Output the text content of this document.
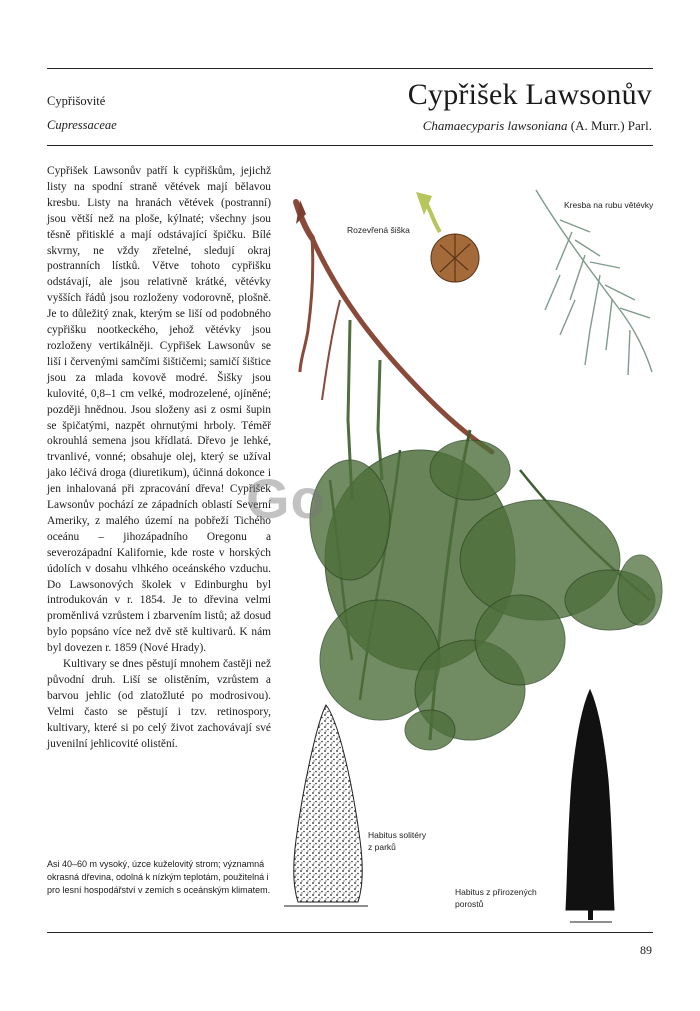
Cypřišovité
Cupressaceae
Cypřišek Lawsonův
Chamaecyparis lawsoniana (A. Murr.) Parl.

Cypřišek Lawsonův patří k cypřiškům, jejichž listy na spodní straně větévek mají bělavou kresbu. Listy na hranách větévek (postranní) jsou větší než na ploše, kýlnaté; všechny jsou těsně přitisklé a mají odstávající špičku. Bílé skvrny, ne vždy zřetelné, sledují okraj postranních lístků. Větve tohoto cypřišku odstávají, ale jsou relativně krátké, větévky vyšších řádů jsou rozloženy vodorovně, plošně. Je to důležitý znak, kterým se liší od podobného cypřišku nootkeckého, jehož větévky jsou rozloženy vertikálněji. Cypřišek Lawsonův se liší i červenými samčími šištičemi; samičí šištice jsou za mlada kovově modré. Šišky jsou kulovité, 0,8–1 cm velké, modrozelené, ojíněné; později hnědnou. Jsou složeny asi z osmi šupin se špičatými, nazpět ohrnutými hrboly. Téměř okrouhlá semena jsou křídlatá. Dřevo je lehké, trvanlivé, vonné; obsahuje olej, který se užíval jako léčivá droga (diuretikum), účinná dokonce i jen inhalovaná při zpracování dřeva! Cypřišek Lawsonův pochází ze západních oblastí Severní Ameriky, z malého území na pobřeží Tichého oceánu – jihozápadního Oregonu a severozápadní Kalifornie, kde roste v horských údolích v dosahu vlhkého oceánského vzduchu. Do Lawsonových školek v Edinburghu byl introdukován v r. 1854. Je to dřevina velmi proměnlivá vzrůstem i zbarvením listů; až dosud bylo popsáno více než dvě stě kultivarů. K nám byl dovezen r. 1859 (Nové Hrady).

Kultivary se dnes pěstují mnohem častěji než původní druh. Liší se olistěním, vzrůstem a barvou jehlic (od zlatožluté po modrosivou). Velmi často se pěstují i tzv. retinospory, kultivary, které si po celý život zachovávají své juvenilní jehlicovité olistění.

Rozevřená šiška
Kresba na rubu větévky
Habitus solitéry
z parků
Habitus z přirozených
porostů
Go
Asi 40–60 m vysoký, úzce kuželovitý strom; významná okrasná dřevina, odolná k nízkým teplotám, použitelná i pro lesní hospodářství v zemích s oceánským klimatem.
89
